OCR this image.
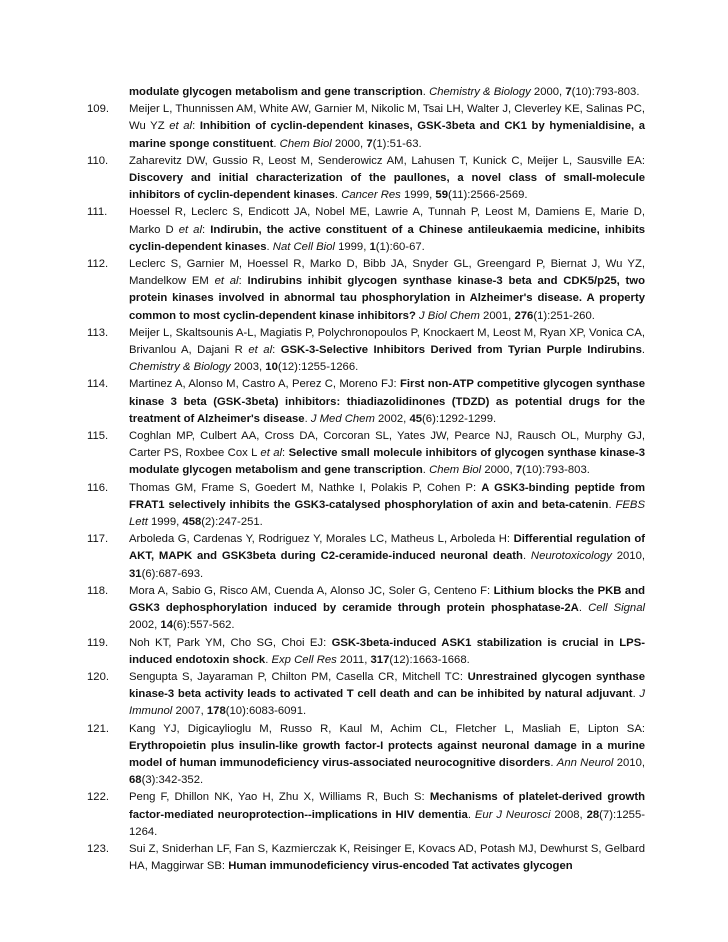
modulate glycogen metabolism and gene transcription. Chemistry & Biology 2000, 7(10):793-803.
109. Meijer L, Thunnissen AM, White AW, Garnier M, Nikolic M, Tsai LH, Walter J, Cleverley KE, Salinas PC, Wu YZ et al: Inhibition of cyclin-dependent kinases, GSK-3beta and CK1 by hymenialdisine, a marine sponge constituent. Chem Biol 2000, 7(1):51-63.
110. Zaharevitz DW, Gussio R, Leost M, Senderowicz AM, Lahusen T, Kunick C, Meijer L, Sausville EA: Discovery and initial characterization of the paullones, a novel class of small-molecule inhibitors of cyclin-dependent kinases. Cancer Res 1999, 59(11):2566-2569.
111. Hoessel R, Leclerc S, Endicott JA, Nobel ME, Lawrie A, Tunnah P, Leost M, Damiens E, Marie D, Marko D et al: Indirubin, the active constituent of a Chinese antileukaemia medicine, inhibits cyclin-dependent kinases. Nat Cell Biol 1999, 1(1):60-67.
112. Leclerc S, Garnier M, Hoessel R, Marko D, Bibb JA, Snyder GL, Greengard P, Biernat J, Wu YZ, Mandelkow EM et al: Indirubins inhibit glycogen synthase kinase-3 beta and CDK5/p25, two protein kinases involved in abnormal tau phosphorylation in Alzheimer's disease. A property common to most cyclin-dependent kinase inhibitors? J Biol Chem 2001, 276(1):251-260.
113. Meijer L, Skaltsounis A-L, Magiatis P, Polychronopoulos P, Knockaert M, Leost M, Ryan XP, Vonica CA, Brivanlou A, Dajani R et al: GSK-3-Selective Inhibitors Derived from Tyrian Purple Indirubins. Chemistry & Biology 2003, 10(12):1255-1266.
114. Martinez A, Alonso M, Castro A, Perez C, Moreno FJ: First non-ATP competitive glycogen synthase kinase 3 beta (GSK-3beta) inhibitors: thiadiazolidinones (TDZD) as potential drugs for the treatment of Alzheimer's disease. J Med Chem 2002, 45(6):1292-1299.
115. Coghlan MP, Culbert AA, Cross DA, Corcoran SL, Yates JW, Pearce NJ, Rausch OL, Murphy GJ, Carter PS, Roxbee Cox L et al: Selective small molecule inhibitors of glycogen synthase kinase-3 modulate glycogen metabolism and gene transcription. Chem Biol 2000, 7(10):793-803.
116. Thomas GM, Frame S, Goedert M, Nathke I, Polakis P, Cohen P: A GSK3-binding peptide from FRAT1 selectively inhibits the GSK3-catalysed phosphorylation of axin and beta-catenin. FEBS Lett 1999, 458(2):247-251.
117. Arboleda G, Cardenas Y, Rodriguez Y, Morales LC, Matheus L, Arboleda H: Differential regulation of AKT, MAPK and GSK3beta during C2-ceramide-induced neuronal death. Neurotoxicology 2010, 31(6):687-693.
118. Mora A, Sabio G, Risco AM, Cuenda A, Alonso JC, Soler G, Centeno F: Lithium blocks the PKB and GSK3 dephosphorylation induced by ceramide through protein phosphatase-2A. Cell Signal 2002, 14(6):557-562.
119. Noh KT, Park YM, Cho SG, Choi EJ: GSK-3beta-induced ASK1 stabilization is crucial in LPS-induced endotoxin shock. Exp Cell Res 2011, 317(12):1663-1668.
120. Sengupta S, Jayaraman P, Chilton PM, Casella CR, Mitchell TC: Unrestrained glycogen synthase kinase-3 beta activity leads to activated T cell death and can be inhibited by natural adjuvant. J Immunol 2007, 178(10):6083-6091.
121. Kang YJ, Digicaylioglu M, Russo R, Kaul M, Achim CL, Fletcher L, Masliah E, Lipton SA: Erythropoietin plus insulin-like growth factor-I protects against neuronal damage in a murine model of human immunodeficiency virus-associated neurocognitive disorders. Ann Neurol 2010, 68(3):342-352.
122. Peng F, Dhillon NK, Yao H, Zhu X, Williams R, Buch S: Mechanisms of platelet-derived growth factor-mediated neuroprotection--implications in HIV dementia. Eur J Neurosci 2008, 28(7):1255-1264.
123. Sui Z, Sniderhan LF, Fan S, Kazmierczak K, Reisinger E, Kovacs AD, Potash MJ, Dewhurst S, Gelbard HA, Maggirwar SB: Human immunodeficiency virus-encoded Tat activates glycogen
